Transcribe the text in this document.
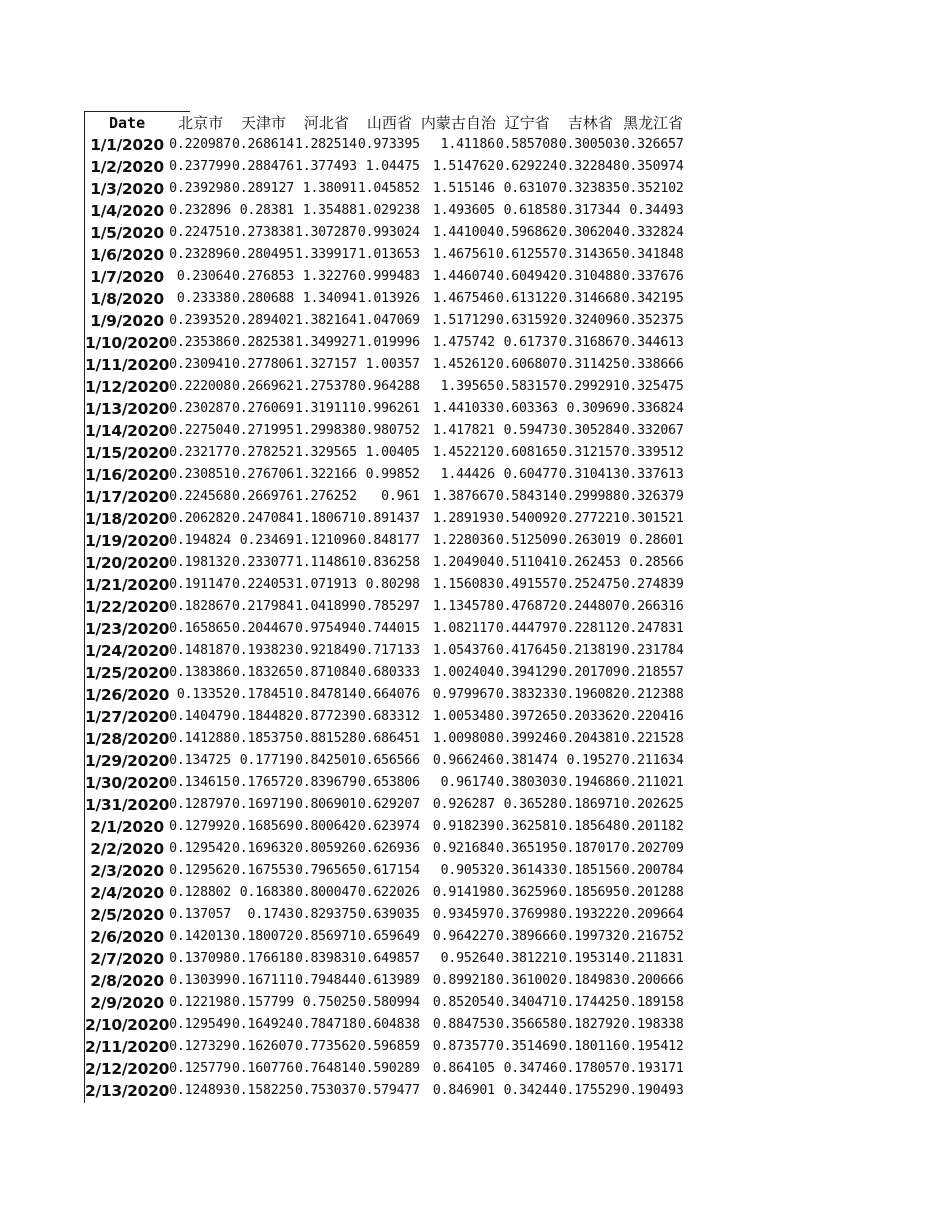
Date	北京市	天津市	河北省	山西省	内蒙古自治	辽宁省	吉林省	黑龙江省
1/1/2020	0.220987	0.268614	1.282514	0.973395	1.41186	0.585708	0.300503	0.326657
1/2/2020	0.237799	0.288476	1.377493	1.04475	1.514762	0.629224	0.322848	0.350974
1/3/2020	0.239298	0.289127	1.38091	1.045852	1.515146	0.63107	0.323835	0.352102
1/4/2020	0.232896	0.28381	1.35488	1.029238	1.493605	0.61858	0.317344	0.34493
1/5/2020	0.224751	0.273838	1.307287	0.993024	1.441004	0.596862	0.306204	0.332824
1/6/2020	0.232896	0.280495	1.339917	1.013653	1.467561	0.612557	0.314365	0.341848
1/7/2020	0.23064	0.276853	1.32276	0.999483	1.446074	0.604942	0.310488	0.337676
1/8/2020	0.23338	0.280688	1.34094	1.013926	1.467546	0.613122	0.314668	0.342195
1/9/2020	0.239352	0.289402	1.382164	1.047069	1.517129	0.631592	0.324096	0.352375
1/10/2020	0.235386	0.282538	1.349927	1.019996	1.475742	0.61737	0.316867	0.344613
1/11/2020	0.230941	0.277806	1.327157	1.00357	1.452612	0.606807	0.311425	0.338666
1/12/2020	0.222008	0.266962	1.275378	0.964288	1.39565	0.583157	0.299291	0.325475
1/13/2020	0.230287	0.276069	1.319111	0.996261	1.441033	0.603363	0.30969	0.336824
1/14/2020	0.227504	0.271995	1.299838	0.980752	1.417821	0.59473	0.305284	0.332067
1/15/2020	0.232177	0.278252	1.329565	1.00405	1.452212	0.608165	0.312157	0.339512
1/16/2020	0.230851	0.276706	1.322166	0.99852	1.44426	0.60477	0.310413	0.337613
1/17/2020	0.224568	0.266976	1.276252	0.961	1.387667	0.584314	0.299988	0.326379
1/18/2020	0.206282	0.247084	1.180671	0.891437	1.289193	0.540092	0.277221	0.301521
1/19/2020	0.194824	0.23469	1.121096	0.848177	1.228036	0.512509	0.263019	0.28601
1/20/2020	0.198132	0.233077	1.114861	0.836258	1.204904	0.511041	0.262453	0.28566
1/21/2020	0.191147	0.224053	1.071913	0.80298	1.156083	0.491557	0.252475	0.274839
1/22/2020	0.182867	0.217984	1.041899	0.785297	1.134578	0.476872	0.244807	0.266316
1/23/2020	0.165865	0.204467	0.975494	0.744015	1.082117	0.444797	0.228112	0.247831
1/24/2020	0.148187	0.193823	0.921849	0.717133	1.054376	0.417645	0.213819	0.231784
1/25/2020	0.138386	0.183265	0.871084	0.680333	1.002404	0.394129	0.201709	0.218557
1/26/2020	0.13352	0.178451	0.847814	0.664076	0.979967	0.383233	0.196082	0.212388
1/27/2020	0.140479	0.184482	0.877239	0.683312	1.005348	0.397265	0.203362	0.220416
1/28/2020	0.141288	0.185375	0.881528	0.686451	1.009808	0.399246	0.204381	0.221528
1/29/2020	0.134725	0.17719	0.842501	0.656566	0.966246	0.381474	0.19527	0.211634
1/30/2020	0.134615	0.176572	0.839679	0.653806	0.96174	0.380303	0.194686	0.211021
1/31/2020	0.128797	0.169719	0.806901	0.629207	0.926287	0.36528	0.186971	0.202625
2/1/2020	0.127992	0.168569	0.800642	0.623974	0.918239	0.362581	0.185648	0.201182
2/2/2020	0.129542	0.169632	0.805926	0.626936	0.921684	0.365195	0.187017	0.202709
2/3/2020	0.129562	0.167553	0.796565	0.617154	0.90532	0.361433	0.185156	0.200784
2/4/2020	0.128802	0.16838	0.800047	0.622026	0.914198	0.362596	0.185695	0.201288
2/5/2020	0.137057	0.1743	0.829375	0.639035	0.934597	0.376998	0.193222	0.209664
2/6/2020	0.142013	0.180072	0.856971	0.659649	0.964227	0.389666	0.199732	0.216752
2/7/2020	0.137098	0.176618	0.839831	0.649857	0.95264	0.381221	0.195314	0.211831
2/8/2020	0.130399	0.167111	0.794844	0.613989	0.899218	0.361002	0.184983	0.200666
2/9/2020	0.122198	0.157799	0.75025	0.580994	0.852054	0.340471	0.174425	0.189158
2/10/2020	0.129549	0.164924	0.784718	0.604838	0.884753	0.356658	0.182792	0.198338
2/11/2020	0.127329	0.162607	0.773562	0.596859	0.873577	0.351469	0.180116	0.195412
2/12/2020	0.125779	0.160776	0.764814	0.590289	0.864105	0.34746	0.178057	0.193171
2/13/2020	0.124893	0.158225	0.753037	0.579477	0.846901	0.34244	0.175529	0.190493
